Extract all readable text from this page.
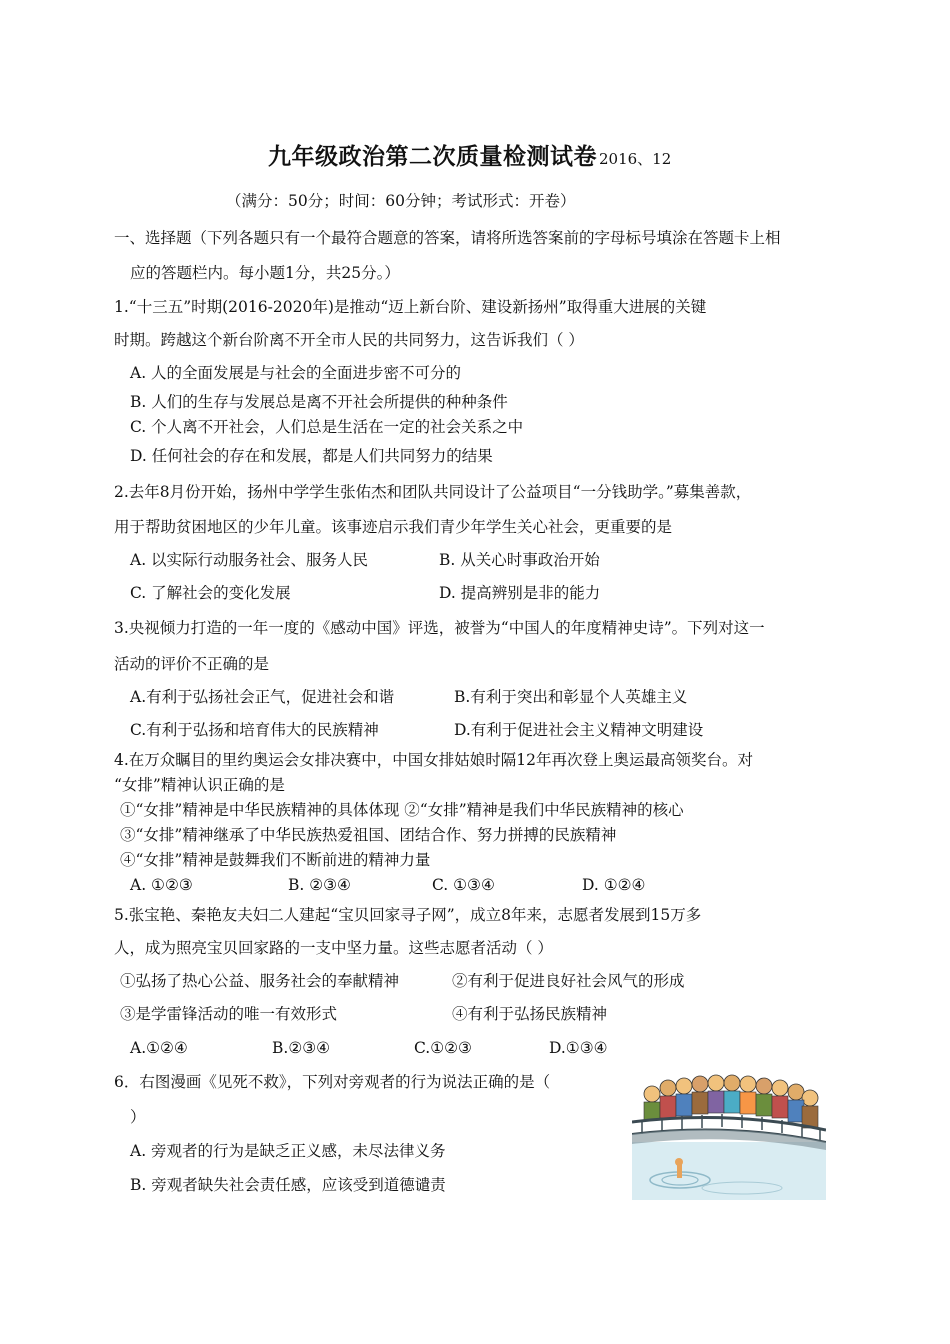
九年级政治第二次质量检测试卷 2016、12
（满分：50分；时间：60分钟；考试形式：开卷）
一、选择题（下列各题只有一个最符合题意的答案，请将所选答案前的字母标号填涂在答题卡上相
应的答题栏内。每小题1分，共25分。）
1.“十三五”时期(2016-2020年)是推动“迈上新台阶、建设新扬州”取得重大进展的关键
时期。跨越这个新台阶离不开全市人民的共同努力，这告诉我们（ ）
A. 人的全面发展是与社会的全面进步密不可分的
B. 人们的生存与发展总是离不开社会所提供的种种条件
C. 个人离不开社会，人们总是生活在一定的社会关系之中
D. 任何社会的存在和发展，都是人们共同努力的结果
2.去年8月份开始，扬州中学学生张佑杰和团队共同设计了公益项目“一分钱助学。”募集善款，
用于帮助贫困地区的少年儿童。该事迹启示我们青少年学生关心社会，更重要的是
A. 以实际行动服务社会、服务人民	B. 从关心时事政治开始
C. 了解社会的变化发展	D. 提高辨别是非的能力
3.央视倾力打造的一年一度的《感动中国》评选，被誉为“中国人的年度精神史诗”。下列对这一
活动的评价不正确的是
A.有利于弘扬社会正气，促进社会和谐	B.有利于突出和彰显个人英雄主义
C.有利于弘扬和培育伟大的民族精神	D.有利于促进社会主义精神文明建设
4.在万众瞩目的里约奥运会女排决赛中，中国女排姑娘时隔12年再次登上奥运最高领奖台。对
“女排”精神认识正确的是
①“女排”精神是中华民族精神的具体体现 ②“女排”精神是我们中华民族精神的核心
③“女排”精神继承了中华民族热爱祖国、团结合作、努力拼搏的民族精神
④“女排”精神是鼓舞我们不断前进的精神力量
A. ①②③	B. ②③④	C. ①③④	D. ①②④
5.张宝艳、秦艳友夫妇二人建起“宝贝回家寻子网”，成立8年来，志愿者发展到15万多
人，成为照亮宝贝回家路的一支中坚力量。这些志愿者活动（ ）
①弘扬了热心公益、服务社会的奉献精神	②有利于促进良好社会风气的形成
③是学雷锋活动的唯一有效形式	④有利于弘扬民族精神
A.①②④	B.②③④	C.①②③	D.①③④
6．右图漫画《见死不救》，下列对旁观者的行为说法正确的是（
）
A. 旁观者的行为是缺乏正义感，未尽法律义务
B. 旁观者缺失社会责任感，应该受到道德谴责
